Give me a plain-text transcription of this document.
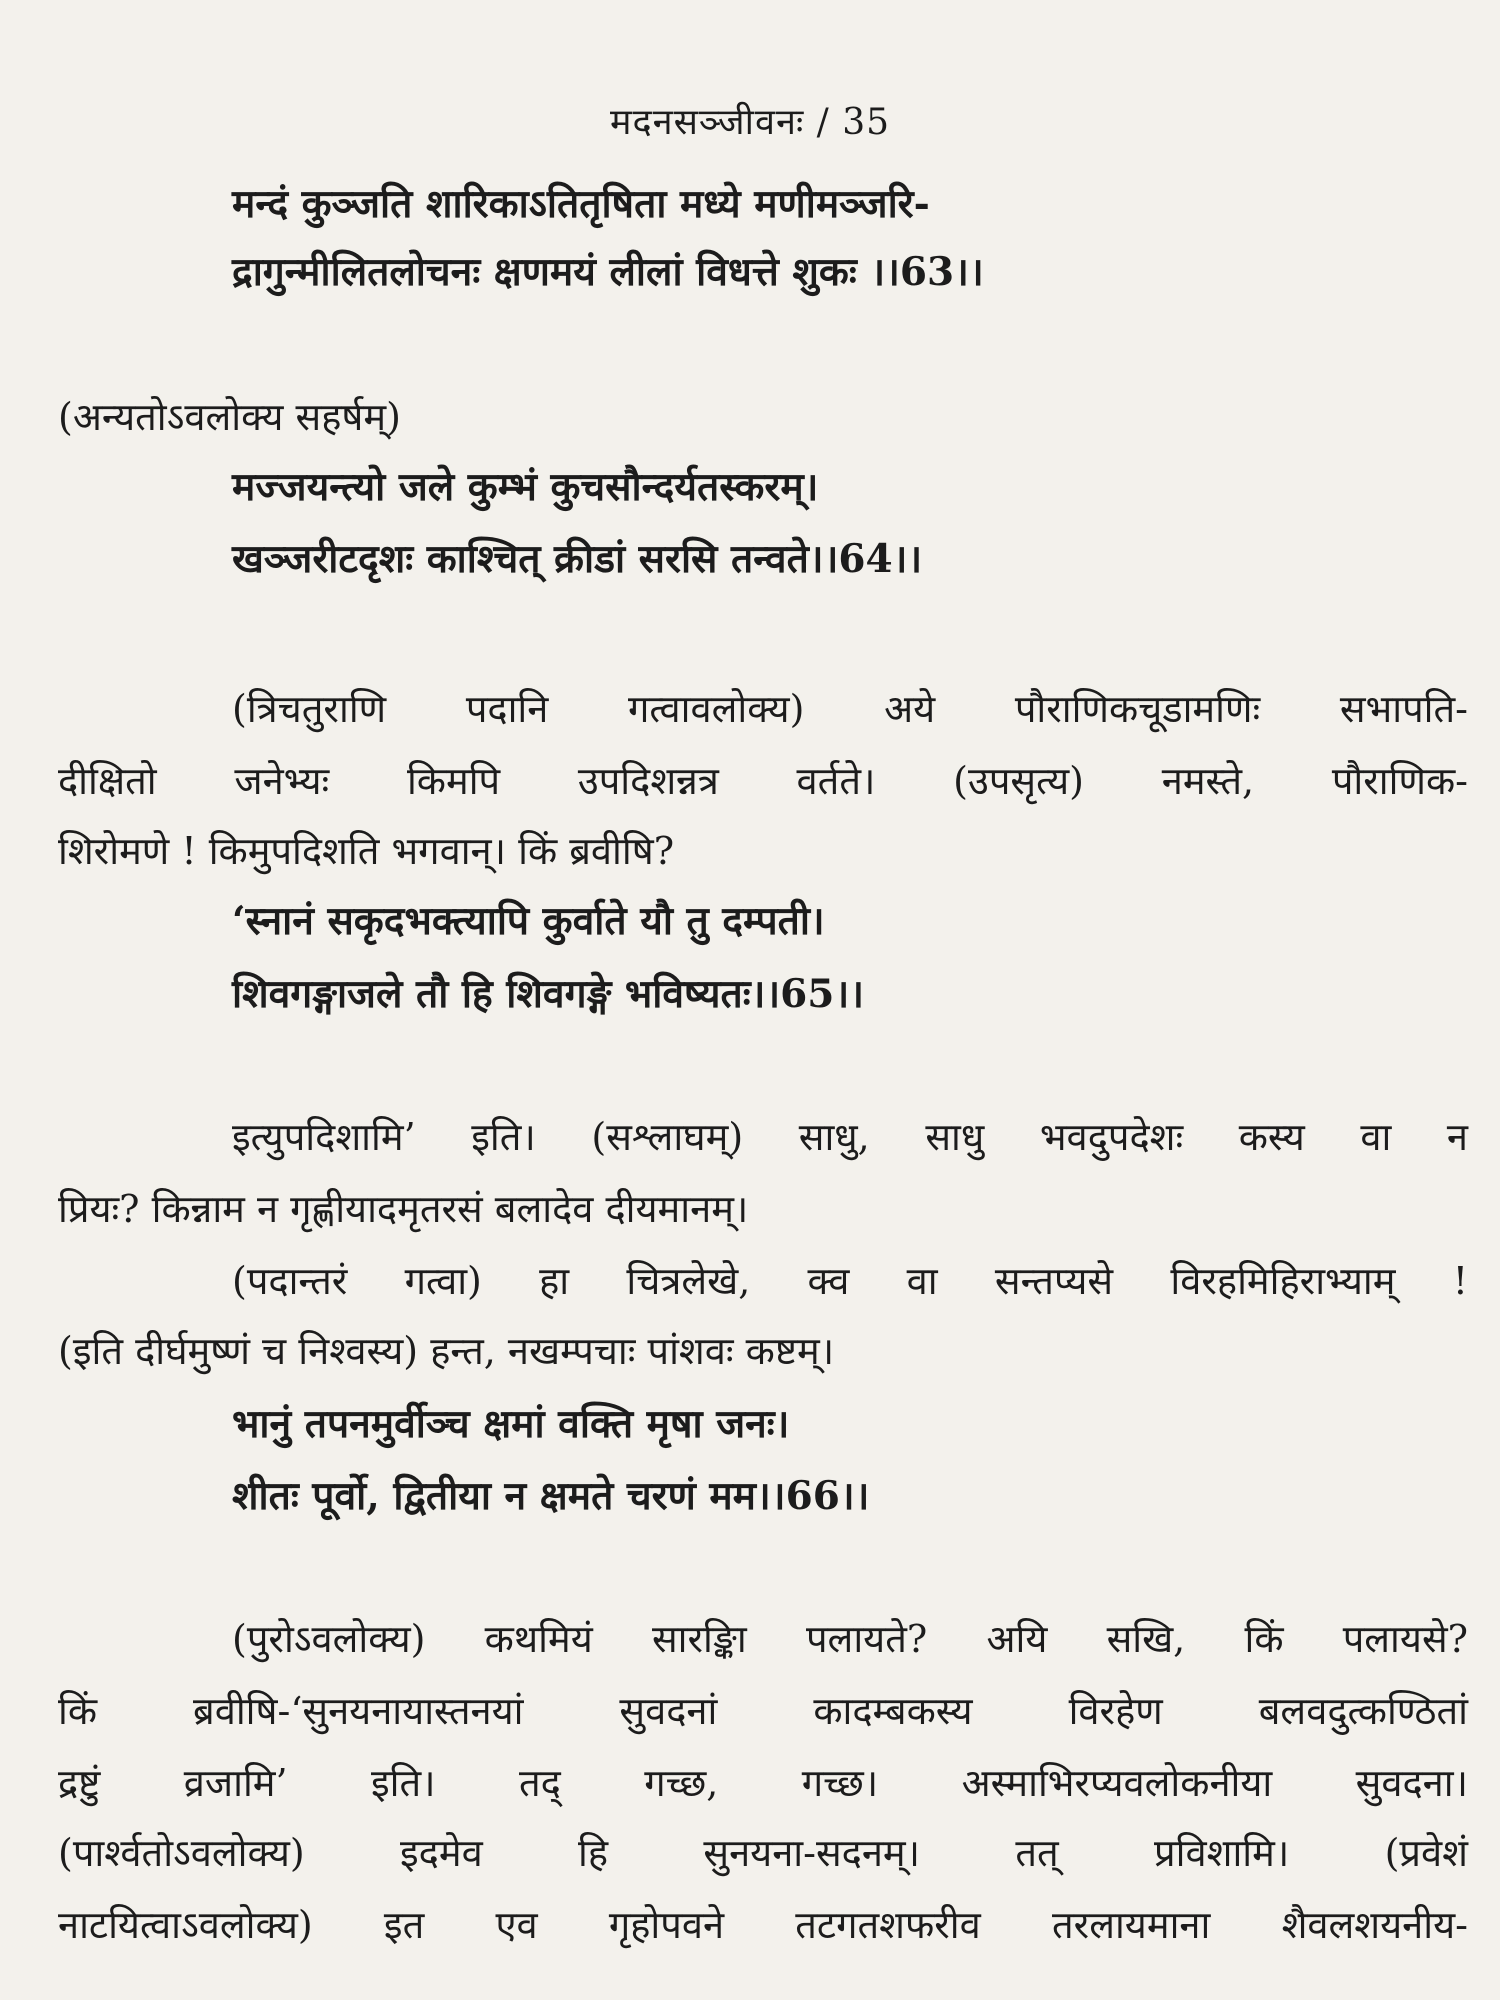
मदनसञ्जीवनः / 35
मन्दं कुञ्जति शारिकाऽतितृषिता मध्ये मणीमञ्जरि-
द्रागुन्मीलितलोचनः क्षणमयं लीलां विधत्ते शुकः ।।63।।
(अन्यतोऽवलोक्य सहर्षम्)
मज्जयन्त्यो जले कुम्भं कुचसौन्दर्यतस्करम्।
खञ्जरीटदृशः काश्चित् क्रीडां सरसि तन्वते।।64।।
(त्रिचतुराणि पदानि गत्वावलोक्य) अये पौराणिकचूडामणिः सभापति-
दीक्षितो जनेभ्यः किमपि उपदिशन्नत्र वर्तते। (उपसृत्य) नमस्ते, पौराणिक-
शिरोमणे ! किमुपदिशति भगवान्। किं ब्रवीषि?
‘स्नानं सकृदभक्त्यापि कुर्वाते यौ तु दम्पती।
शिवगङ्गाजले तौ हि शिवगङ्गे भविष्यतः।।65।।
इत्युपदिशामि’ इति। (सश्लाघम्) साधु, साधु भवदुपदेशः कस्य वा न
प्रियः? किन्नाम न गृह्णीयादमृतरसं बलादेव दीयमानम्।
(पदान्तरं गत्वा) हा चित्रलेखे, क्व वा सन्तप्यसे विरहमिहिराभ्याम् !
(इति दीर्घमुष्णं च निश्वस्य) हन्त, नखम्पचाः पांशवः कष्टम्।
भानुं तपनमुर्वीञ्च क्षमां वक्ति मृषा जनः।
शीतः पूर्वो, द्वितीया न क्षमते चरणं मम।।66।।
(पुरोऽवलोक्य) कथमियं सारङ्किा पलायते? अयि सखि, किं पलायसे?
किं ब्रवीषि-‘सुनयनायास्तनयां सुवदनां कादम्बकस्य विरहेण बलवदुत्कण्ठितां
द्रष्टुं व्रजामि’ इति। तद् गच्छ, गच्छ। अस्माभिरप्यवलोकनीया सुवदना।
(पार्श्वतोऽवलोक्य) इदमेव हि सुनयना-सदनम्। तत् प्रविशामि। (प्रवेशं
नाटयित्वाऽवलोक्य) इत एव गृहोपवने तटगतशफरीव तरलायमाना शैवलशयनीय-
